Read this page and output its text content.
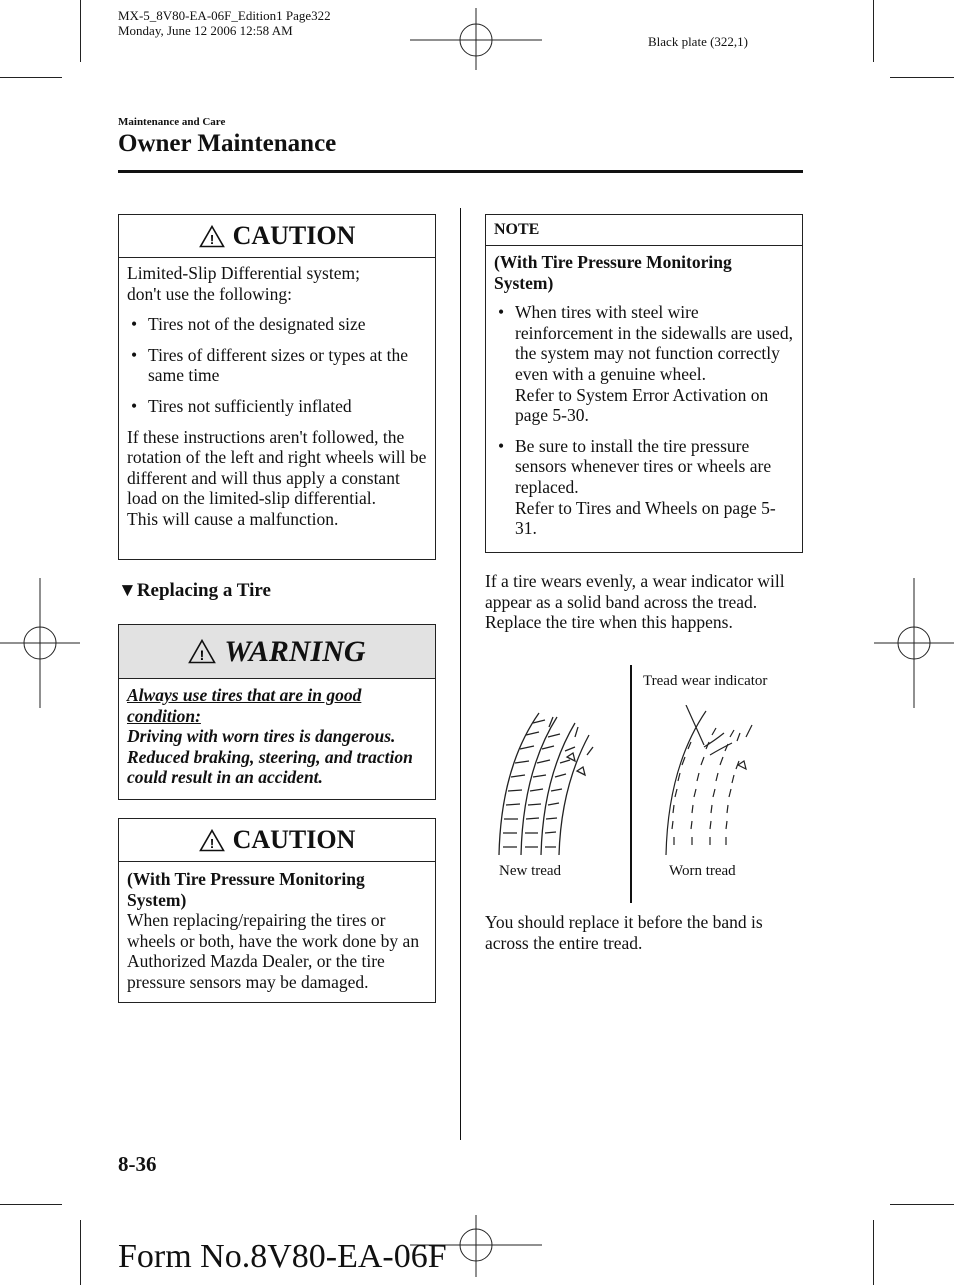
MX-5_8V80-EA-06F_Edition1 Page322
Monday, June 12 2006 12:58 AM
Black plate (322,1)
Maintenance and Care
Owner Maintenance
! CAUTION
Limited-Slip Differential system;
don't use the following:
• Tires not of the designated size
• Tires of different sizes or types at the same time
• Tires not sufficiently inflated
If these instructions aren't followed, the rotation of the left and right wheels will be different and will thus apply a constant load on the limited-slip differential.
This will cause a malfunction.
▼Replacing a Tire
! WARNING
Always use tires that are in good condition:
Driving with worn tires is dangerous. Reduced braking, steering, and traction could result in an accident.
! CAUTION
(With Tire Pressure Monitoring System)
When replacing/repairing the tires or wheels or both, have the work done by an Authorized Mazda Dealer, or the tire pressure sensors may be damaged.
NOTE
(With Tire Pressure Monitoring System)
• When tires with steel wire reinforcement in the sidewalls are used, the system may not function correctly even with a genuine wheel.
Refer to System Error Activation on page 5-30.
• Be sure to install the tire pressure sensors whenever tires or wheels are replaced.
Refer to Tires and Wheels on page 5-31.
If a tire wears evenly, a wear indicator will appear as a solid band across the tread.
Replace the tire when this happens.
Tread wear indicator
New tread	Worn tread
You should replace it before the band is across the entire tread.
8-36
Form No.8V80-EA-06F
